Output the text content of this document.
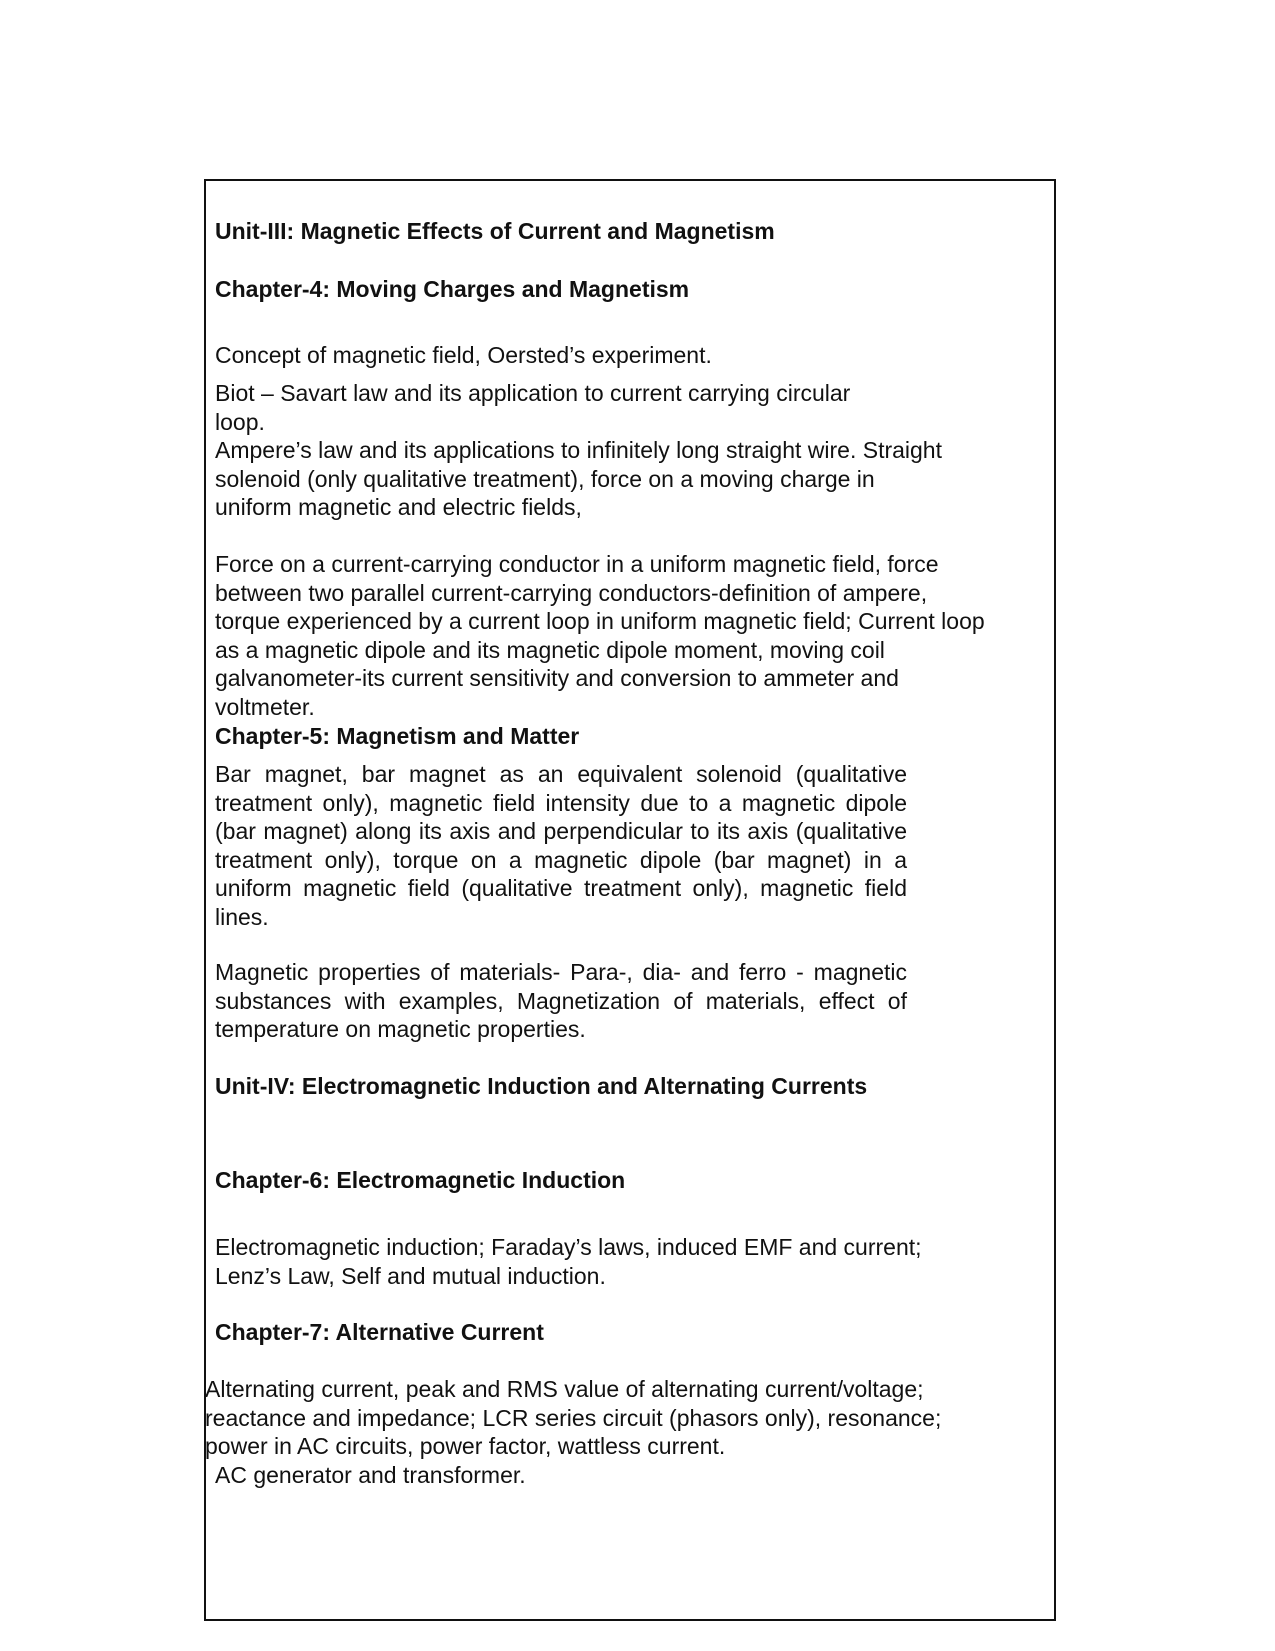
Unit-III: Magnetic Effects of Current and Magnetism
Chapter-4: Moving Charges and Magnetism

Concept of magnetic field, Oersted’s experiment.

Biot – Savart law and its application to current carrying circular
loop.
Ampere’s law and its applications to infinitely long straight wire. Straight
solenoid (only qualitative treatment), force on a moving charge in
uniform magnetic and electric fields,

Force on a current-carrying conductor in a uniform magnetic field, force
between two parallel current-carrying conductors-definition of ampere,
torque experienced by a current loop in uniform magnetic field; Current loop
as a magnetic dipole and its magnetic dipole moment, moving coil
galvanometer-its current sensitivity and conversion to ammeter and
voltmeter.

Chapter-5: Magnetism and Matter

Bar magnet, bar magnet as an equivalent solenoid (qualitative treatment only), magnetic field intensity due to a magnetic dipole (bar magnet) along its axis and perpendicular to its axis (qualitative treatment only), torque on a magnetic dipole (bar magnet) in a uniform magnetic field (qualitative treatment only), magnetic field lines.

Magnetic properties of materials- Para-, dia- and ferro - magnetic substances with examples, Magnetization of materials, effect of temperature on magnetic properties.

Unit-IV: Electromagnetic Induction and Alternating Currents
Chapter-6: Electromagnetic Induction

Electromagnetic induction; Faraday’s laws, induced EMF and current;
Lenz’s Law, Self and mutual induction.

Chapter-7: Alternative Current

Alternating current, peak and RMS value of alternating current/voltage;
reactance and impedance; LCR series circuit (phasors only), resonance;
power in AC circuits, power factor, wattless current.

AC generator and transformer.
